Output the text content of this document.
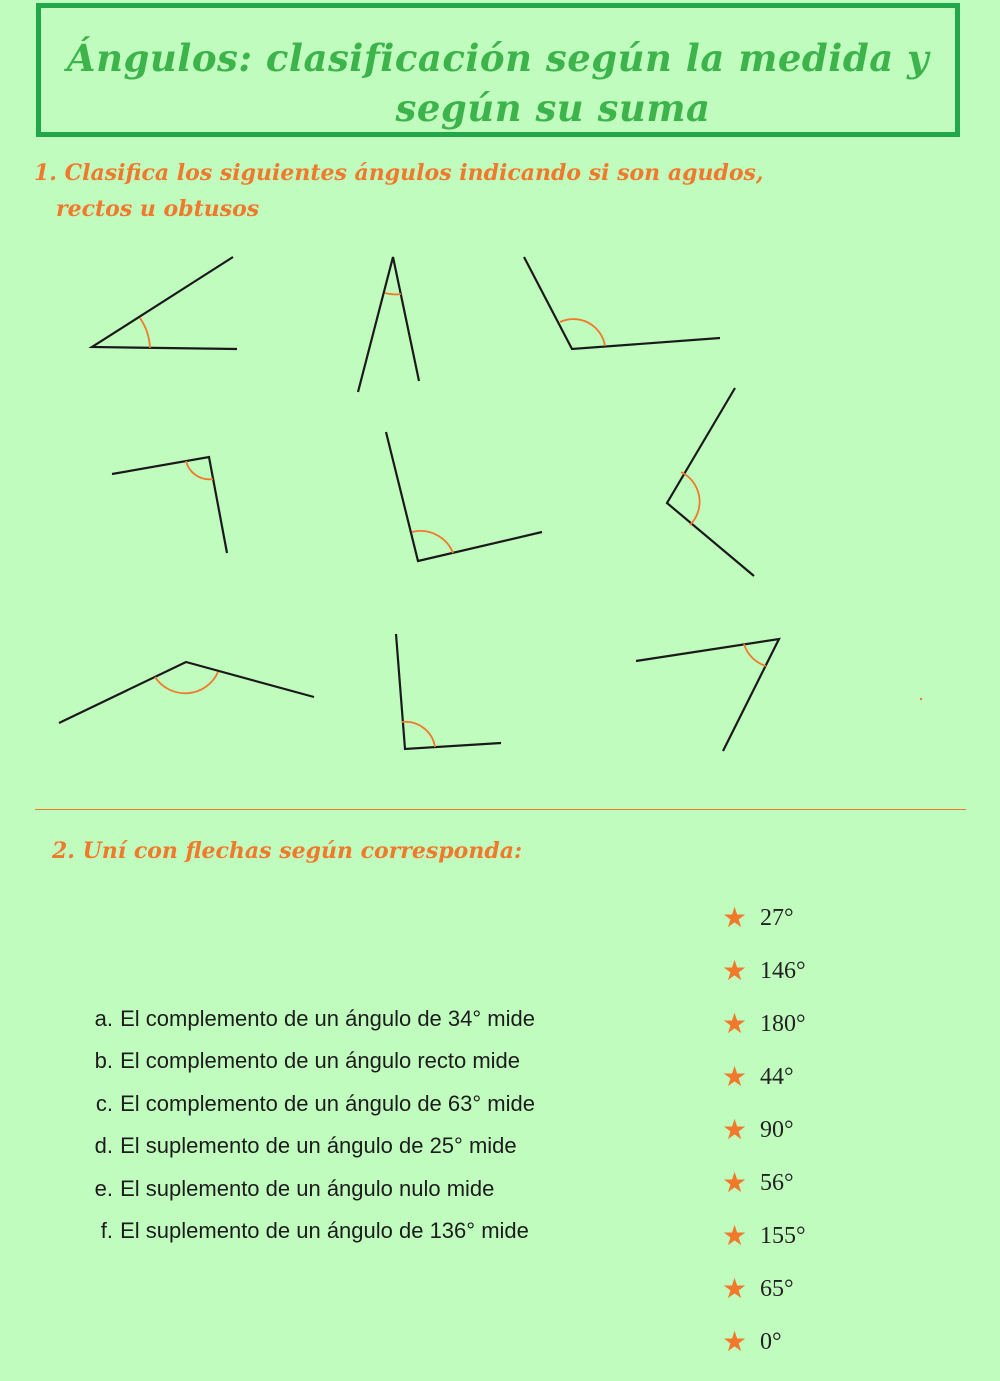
Ángulos: clasificación según la medida y
según su suma
1. Clasifica los siguientes ángulos indicando si son agudos,
rectos u obtusos
2. Uní con flechas según corresponda:
a. El complemento de un ángulo de 34° mide
b. El complemento de un ángulo recto mide
c. El complemento de un ángulo de 63° mide
d. El suplemento de un ángulo de 25° mide
e. El suplemento de un ángulo nulo mide
f. El suplemento de un ángulo de 136° mide
★ 27°
★ 146°
★ 180°
★ 44°
★ 90°
★ 56°
★ 155°
★ 65°
★ 0°
